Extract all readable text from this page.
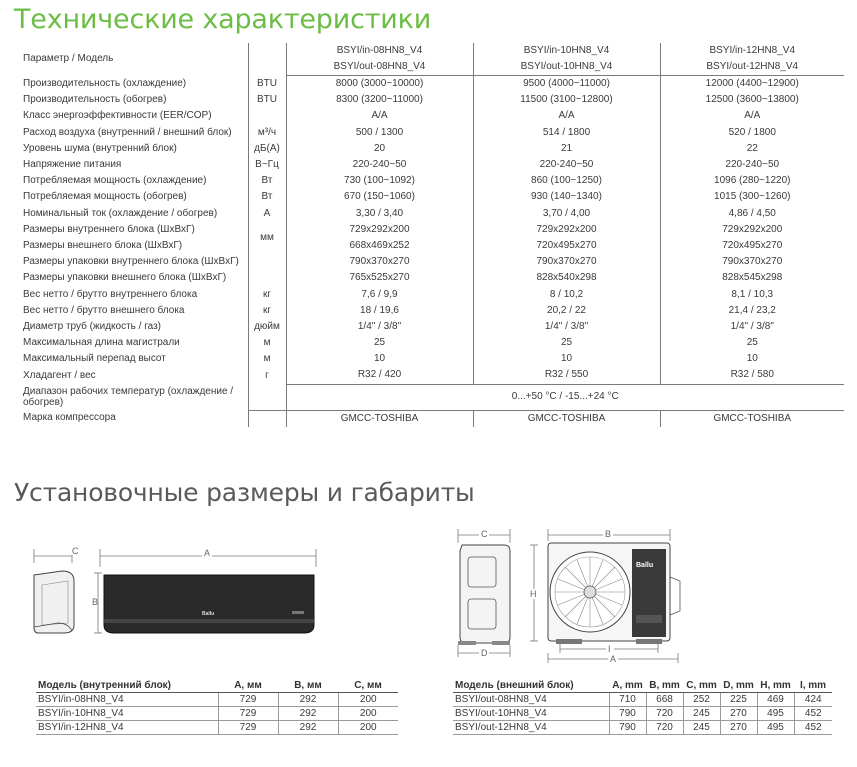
Технические характеристики
Параметр / Модель		BSYI/in-08HN8_V4	BSYI/in-10HN8_V4	BSYI/in-12HN8_V4
		BSYI/out-08HN8_V4	BSYI/out-10HN8_V4	BSYI/out-12HN8_V4
Производительность (охлаждение)	BTU	8000 (3000~10000)	9500 (4000~11000)	12000 (4400~12900)
Производительность (обогрев)	BTU	8300 (3200~11000)	11500 (3100~12800)	12500 (3600~13800)
Класс энергоэффективности (EER/COP)		A/A	A/A	A/A
Расход воздуха (внутренний / внешний блок)	м³/ч	500 / 1300	514 / 1800	520 / 1800
Уровень шума (внутренний блок)	дБ(А)	20	21	22
Напряжение питания	В~Гц	220-240~50	220-240~50	220-240~50
Потребляемая мощность (охлаждение)	Вт	730 (100~1092)	860 (100~1250)	1096 (280~1220)
Потребляемая мощность (обогрев)	Вт	670 (150~1060)	930 (140~1340)	1015 (300~1260)
Номинальный ток (охлаждение / обогрев)	А	3,30 / 3,40	3,70 / 4,00	4,86 / 4,50
Размеры внутреннего блока (ШхВхГ)	мм	729x292x200	729x292x200	729x292x200
Размеры внешнего блока (ШхВхГ)		668x469x252	720x495x270	720x495x270
Размеры упаковки внутреннего блока (ШхВхГ)		790x370x270	790x370x270	790x370x270
Размеры упаковки внешнего блока (ШхВхГ)		765x525x270	828x540x298	828x545x298
Вес нетто / брутто внутреннего блока	кг	7,6 / 9,9	8 / 10,2	8,1 / 10,3
Вес нетто / брутто внешнего блока	кг	18 / 19,6	20,2 / 22	21,4 / 23,2
Диаметр труб (жидкость / газ)	дюйм	1/4" / 3/8"	1/4" / 3/8"	1/4" / 3/8"
Максимальная длина магистрали	м	25	25	25
Максимальный перепад высот	м	10	10	10
Хладагент / вес	г	R32 / 420	R32 / 550	R32 / 580
Диапазон рабочих температур (охлаждение / обогрев)		0...+50 °С / -15...+24 °С		
Марка компрессора		GMCC-TOSHIBA	GMCC-TOSHIBA	GMCC-TOSHIBA
Установочные размеры и габариты
C	A
B
Ballu
C
D
B
H
I
A
Ballu
Модель (внутренний блок)	A, мм	B, мм	C, мм
BSYI/in-08HN8_V4	729	292	200
BSYI/in-10HN8_V4	729	292	200
BSYI/in-12HN8_V4	729	292	200
Модель (внешний блок)	A, mm	B, mm	C, mm	D, mm	H, mm	I, mm
BSYI/out-08HN8_V4	710	668	252	225	469	424
BSYI/out-10HN8_V4	790	720	245	270	495	452
BSYI/out-12HN8_V4	790	720	245	270	495	452
